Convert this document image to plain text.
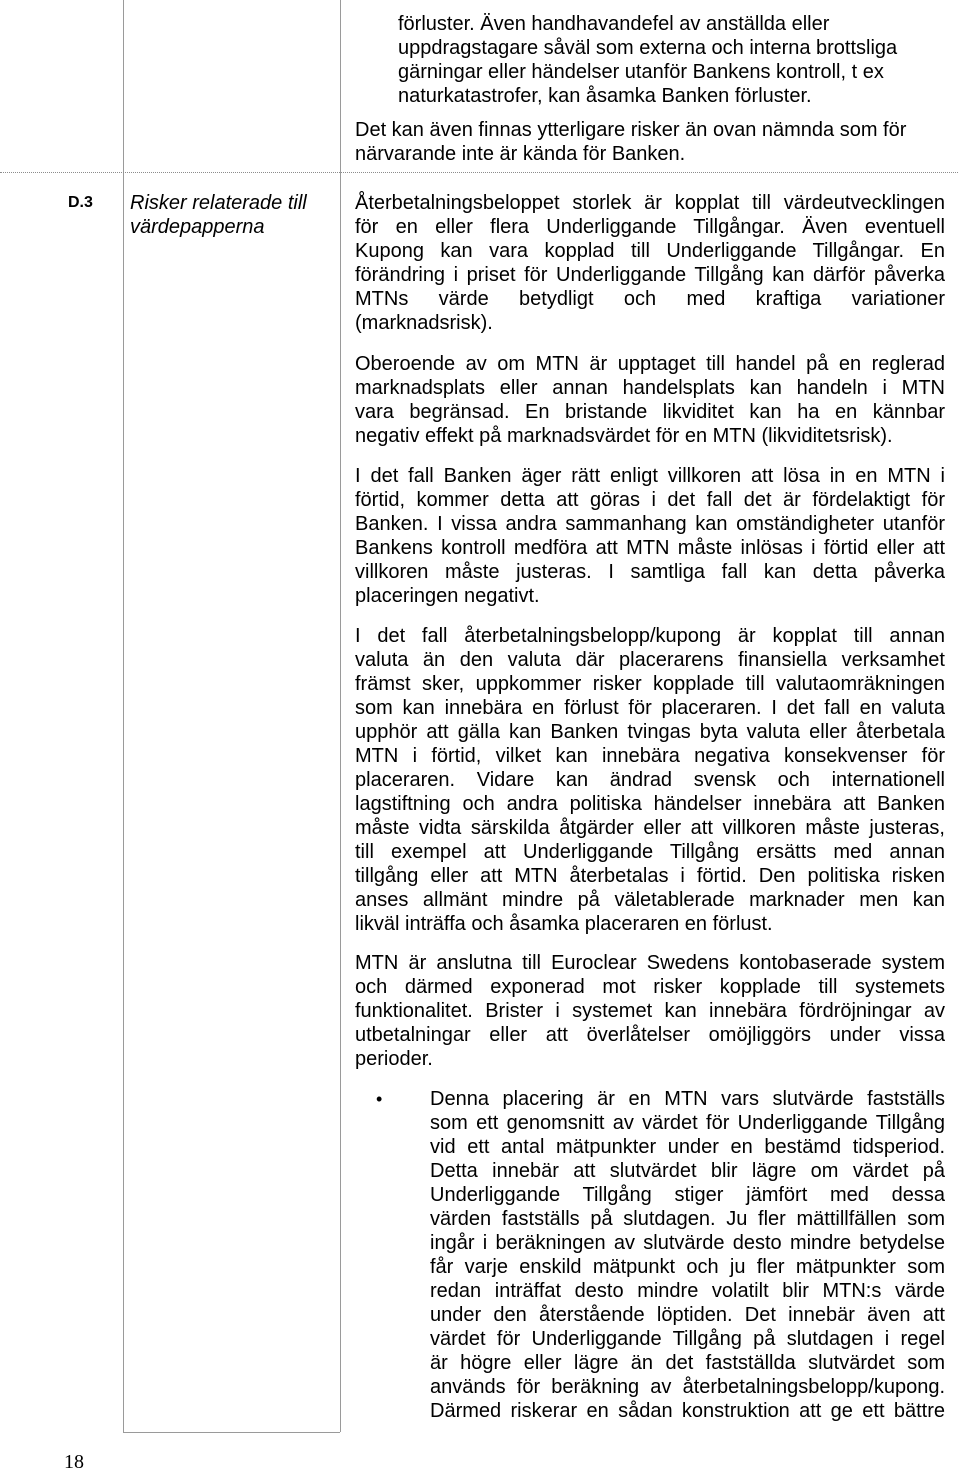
förluster. Även handhavandefel av anställda eller
uppdragstagare såväl som externa och interna brottsliga
gärningar eller händelser utanför Bankens kontroll, t ex
naturkatastrofer, kan åsamka Banken förluster.
Det kan även finnas ytterligare risker än ovan nämnda som för
närvarande inte är kända för Banken.
D.3 Risker relaterade till
värdepapperna
Återbetalningsbeloppet storlek är kopplat till värdeutvecklingen
för en eller flera Underliggande Tillgångar. Även eventuell
Kupong kan vara kopplad till Underliggande Tillgångar. En
förändring i priset för Underliggande Tillgång kan därför påverka
MTNs värde betydligt och med kraftiga variationer
(marknadsrisk).
Oberoende av om MTN är upptaget till handel på en reglerad
marknadsplats eller annan handelsplats kan handeln i MTN
vara begränsad. En bristande likviditet kan ha en kännbar
negativ effekt på marknadsvärdet för en MTN (likviditetsrisk).
I det fall Banken äger rätt enligt villkoren att lösa in en MTN i
förtid, kommer detta att göras i det fall det är fördelaktigt för
Banken. I vissa andra sammanhang kan omständigheter utanför
Bankens kontroll medföra att MTN måste inlösas i förtid eller att
villkoren måste justeras. I samtliga fall kan detta påverka
placeringen negativt.
I det fall återbetalningsbelopp/kupong är kopplat till annan
valuta än den valuta där placerarens finansiella verksamhet
främst sker, uppkommer risker kopplade till valutaomräkningen
som kan innebära en förlust för placeraren. I det fall en valuta
upphör att gälla kan Banken tvingas byta valuta eller återbetala
MTN i förtid, vilket kan innebära negativa konsekvenser för
placeraren. Vidare kan ändrad svensk och internationell
lagstiftning och andra politiska händelser innebära att Banken
måste vidta särskilda åtgärder eller att villkoren måste justeras,
till exempel att Underliggande Tillgång ersätts med annan
tillgång eller att MTN återbetalas i förtid. Den politiska risken
anses allmänt mindre på väletablerade marknader men kan
likväl inträffa och åsamka placeraren en förlust.
MTN är anslutna till Euroclear Swedens kontobaserade system
och därmed exponerad mot risker kopplade till systemets
funktionalitet. Brister i systemet kan innebära fördröjningar av
utbetalningar eller att överlåtelser omöjliggörs under vissa
perioder.
• Denna placering är en MTN vars slutvärde fastställs
som ett genomsnitt av värdet för Underliggande Tillgång
vid ett antal mätpunkter under en bestämd tidsperiod.
Detta innebär att slutvärdet blir lägre om värdet på
Underliggande Tillgång stiger jämfört med dessa
värden fastställs på slutdagen. Ju fler mättillfällen som
ingår i beräkningen av slutvärde desto mindre betydelse
får varje enskild mätpunkt och ju fler mätpunkter som
redan inträffat desto mindre volatilt blir MTN:s värde
under den återstående löptiden. Det innebär även att
värdet för Underliggande Tillgång på slutdagen i regel
är högre eller lägre än det fastställda slutvärdet som
används för beräkning av återbetalningsbelopp/kupong.
Därmed riskerar en sådan konstruktion att ge ett bättre
18
